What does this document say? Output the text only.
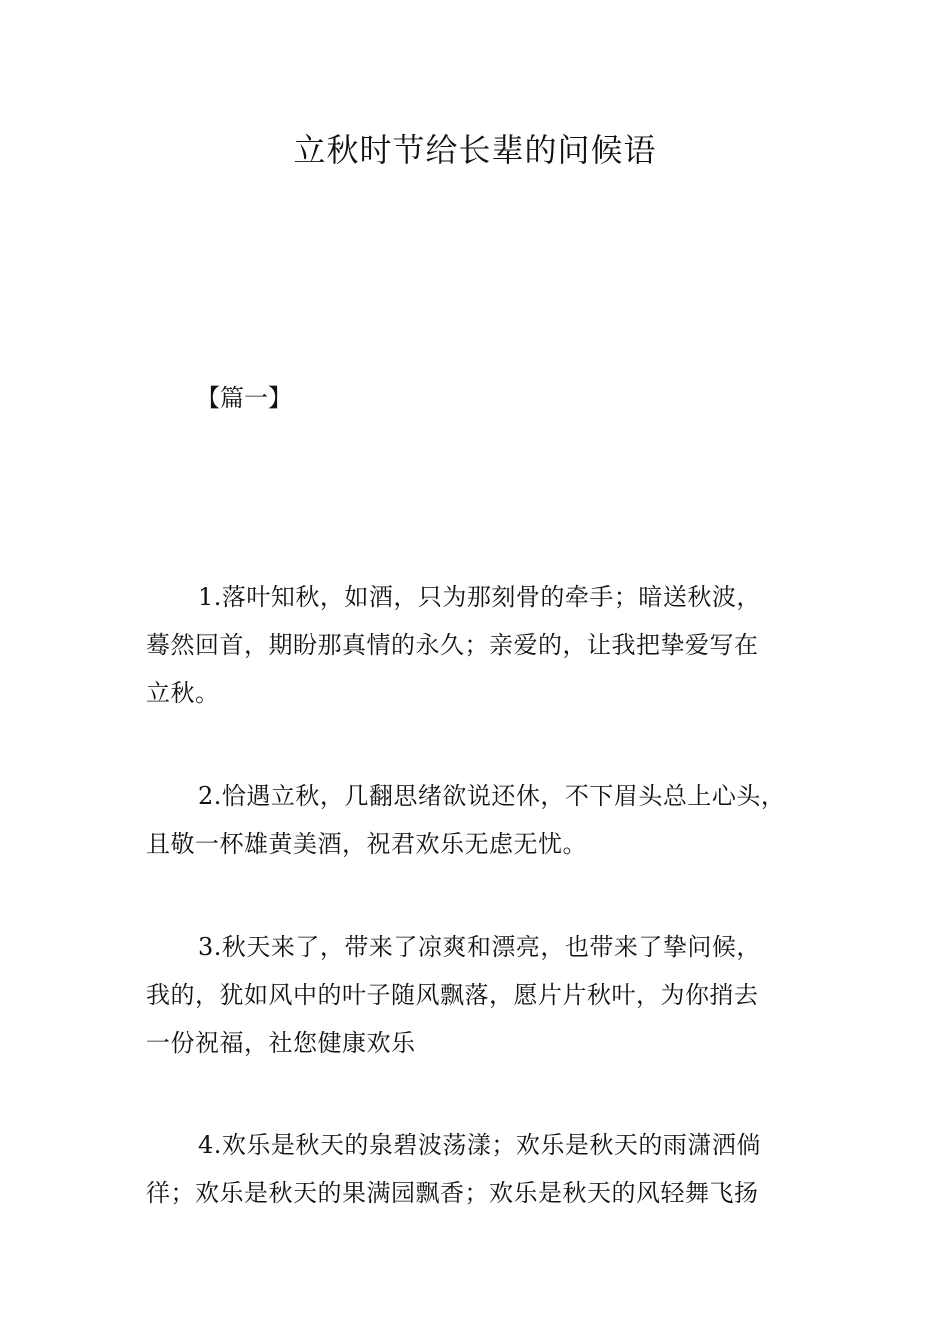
立秋时节给长辈的问候语
【篇一】

1.落叶知秋，如酒，只为那刻骨的牵手；暗送秋波，
蓦然回首，期盼那真情的永久；亲爱的，让我把挚爱写在
立秋。

2.恰遇立秋，几翻思绪欲说还休，不下眉头总上心头，
且敬一杯雄黄美酒，祝君欢乐无虑无忧。

3.秋天来了，带来了凉爽和漂亮，也带来了挚问候，
我的，犹如风中的叶子随风飘落，愿片片秋叶，为你捎去
一份祝福，社您健康欢乐

4.欢乐是秋天的泉碧波荡漾；欢乐是秋天的雨潇洒倘
徉；欢乐是秋天的果满园飘香；欢乐是秋天的风轻舞飞扬
